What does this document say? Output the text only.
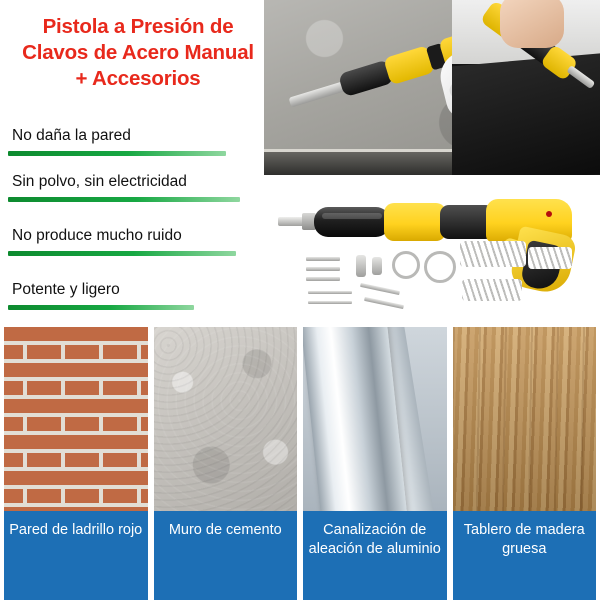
Pistola a Presión de Clavos de Acero Manual + Accesorios
No daña la pared
Sin polvo, sin electricidad
No produce mucho ruido
Potente y ligero
Pared de ladrillo rojo	Muro de cemento	Canalización de aleación de aluminio
Tablero de madera gruesa
